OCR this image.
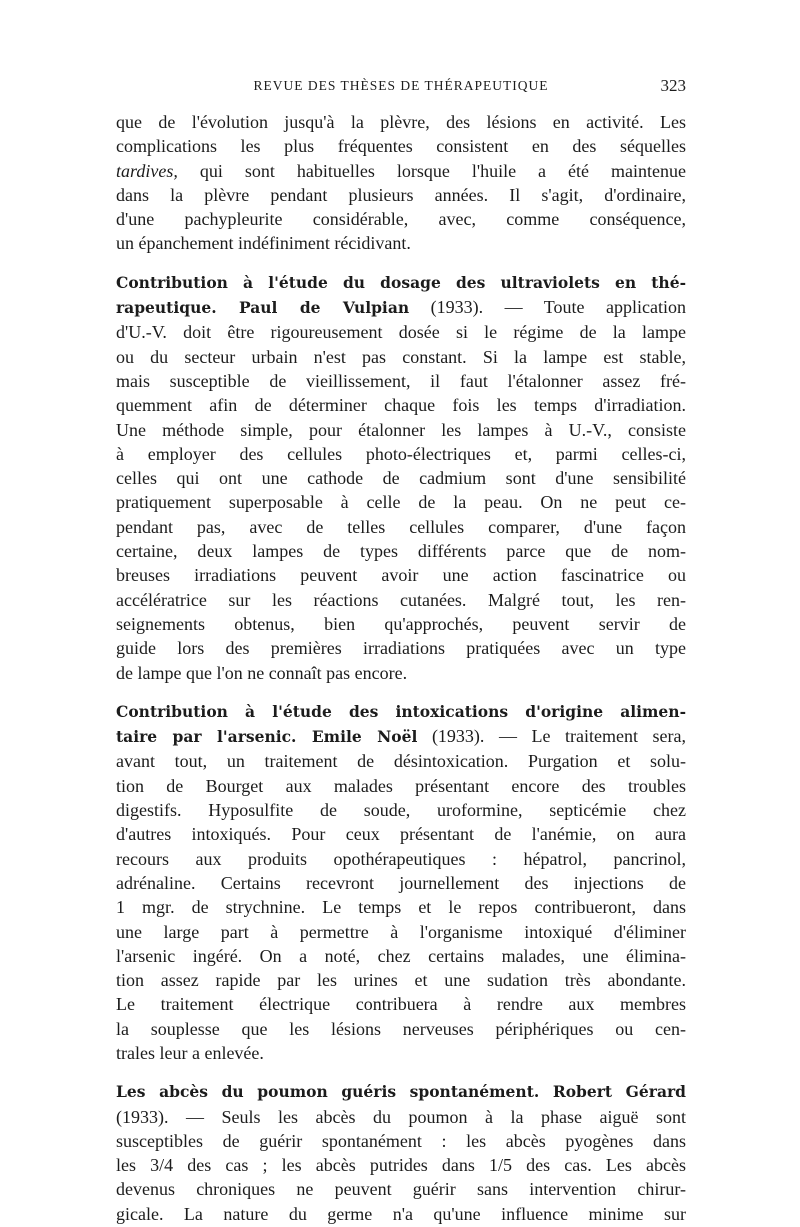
REVUE DES THÈSES DE THÉRAPEUTIQUE	323

que de l'évolution jusqu'à la plèvre, des lésions en activité. Les
complications les plus fréquentes consistent en des séquelles
tardives, qui sont habituelles lorsque l'huile a été maintenue
dans la plèvre pendant plusieurs années. Il s'agit, d'ordinaire,
d'une pachypleurite considérable, avec, comme conséquence,
un épanchement indéfiniment récidivant.

Contribution à l'étude du dosage des ultraviolets en thé-
rapeutique. Paul de Vulpian (1933). — Toute application
d'U.-V. doit être rigoureusement dosée si le régime de la lampe
ou du secteur urbain n'est pas constant. Si la lampe est stable,
mais susceptible de vieillissement, il faut l'étalonner assez fré-
quemment afin de déterminer chaque fois les temps d'irradiation.
Une méthode simple, pour étalonner les lampes à U.-V., consiste
à employer des cellules photo-électriques et, parmi celles-ci,
celles qui ont une cathode de cadmium sont d'une sensibilité
pratiquement superposable à celle de la peau. On ne peut ce-
pendant pas, avec de telles cellules comparer, d'une façon
certaine, deux lampes de types différents parce que de nom-
breuses irradiations peuvent avoir une action fascinatrice ou
accélératrice sur les réactions cutanées. Malgré tout, les ren-
seignements obtenus, bien qu'approchés, peuvent servir de
guide lors des premières irradiations pratiquées avec un type
de lampe que l'on ne connaît pas encore.

Contribution à l'étude des intoxications d'origine alimen-
taire par l'arsenic. Emile Noël (1933). — Le traitement sera,
avant tout, un traitement de désintoxication. Purgation et solu-
tion de Bourget aux malades présentant encore des troubles
digestifs. Hyposulfite de soude, uroformine, septicémie chez
d'autres intoxiqués. Pour ceux présentant de l'anémie, on aura
recours aux produits opothérapeutiques : hépatrol, pancrinol,
adrénaline. Certains recevront journellement des injections de
1 mgr. de strychnine. Le temps et le repos contribueront, dans
une large part à permettre à l'organisme intoxiqué d'éliminer
l'arsenic ingéré. On a noté, chez certains malades, une élimina-
tion assez rapide par les urines et une sudation très abondante.
Le traitement électrique contribuera à rendre aux membres
la souplesse que les lésions nerveuses périphériques ou cen-
trales leur a enlevée.

Les abcès du poumon guéris spontanément. Robert Gérard
(1933). — Seuls les abcès du poumon à la phase aiguë sont
susceptibles de guérir spontanément : les abcès pyogènes dans
les 3/4 des cas ; les abcès putrides dans 1/5 des cas. Les abcès
devenus chroniques ne peuvent guérir sans intervention chirur-
gicale. La nature du germe n'a qu'une influence minime sur
